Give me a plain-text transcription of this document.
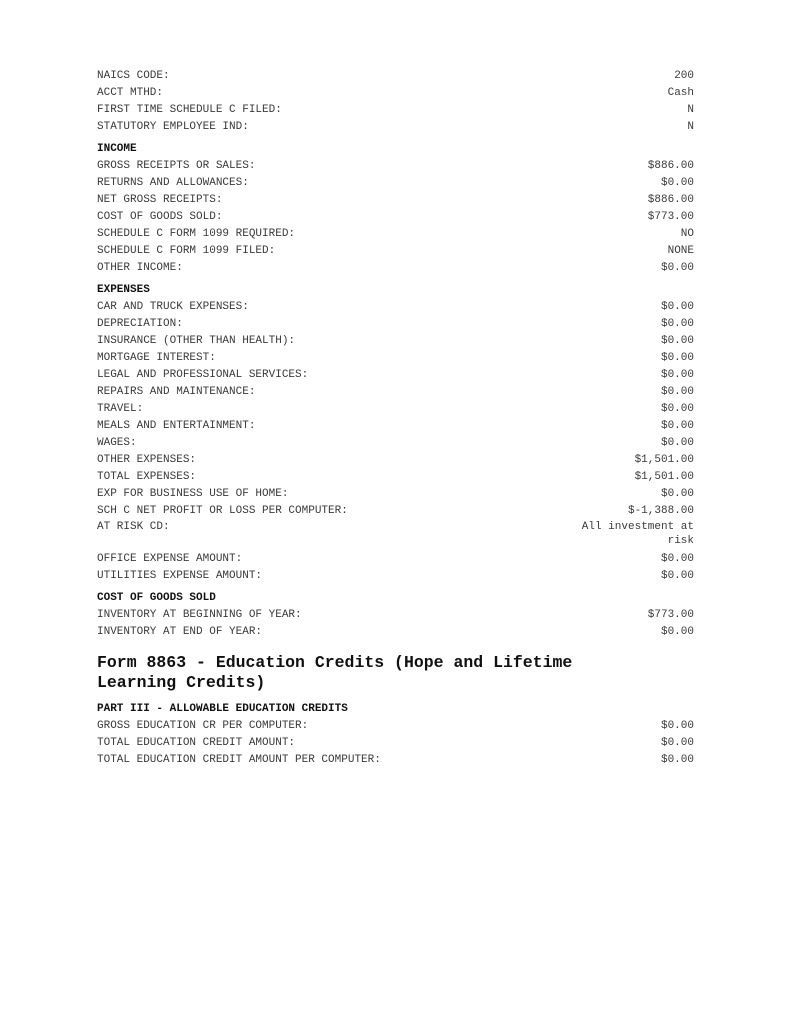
NAICS CODE:	200
ACCT MTHD:	Cash
FIRST TIME SCHEDULE C FILED:	N
STATUTORY EMPLOYEE IND:	N
INCOME
GROSS RECEIPTS OR SALES:	$886.00
RETURNS AND ALLOWANCES:	$0.00
NET GROSS RECEIPTS:	$886.00
COST OF GOODS SOLD:	$773.00
SCHEDULE C FORM 1099 REQUIRED:	NO
SCHEDULE C FORM 1099 FILED:	NONE
OTHER INCOME:	$0.00
EXPENSES
CAR AND TRUCK EXPENSES:	$0.00
DEPRECIATION:	$0.00
INSURANCE (OTHER THAN HEALTH):	$0.00
MORTGAGE INTEREST:	$0.00
LEGAL AND PROFESSIONAL SERVICES:	$0.00
REPAIRS AND MAINTENANCE:	$0.00
TRAVEL:	$0.00
MEALS AND ENTERTAINMENT:	$0.00
WAGES:	$0.00
OTHER EXPENSES:	$1,501.00
TOTAL EXPENSES:	$1,501.00
EXP FOR BUSINESS USE OF HOME:	$0.00
SCH C NET PROFIT OR LOSS PER COMPUTER:	$-1,388.00
AT RISK CD:	All investment at risk
OFFICE EXPENSE AMOUNT:	$0.00
UTILITIES EXPENSE AMOUNT:	$0.00
COST OF GOODS SOLD
INVENTORY AT BEGINNING OF YEAR:	$773.00
INVENTORY AT END OF YEAR:	$0.00
Form 8863 - Education Credits (Hope and Lifetime Learning Credits)
PART III - ALLOWABLE EDUCATION CREDITS
GROSS EDUCATION CR PER COMPUTER:	$0.00
TOTAL EDUCATION CREDIT AMOUNT:	$0.00
TOTAL EDUCATION CREDIT AMOUNT PER COMPUTER:	$0.00
